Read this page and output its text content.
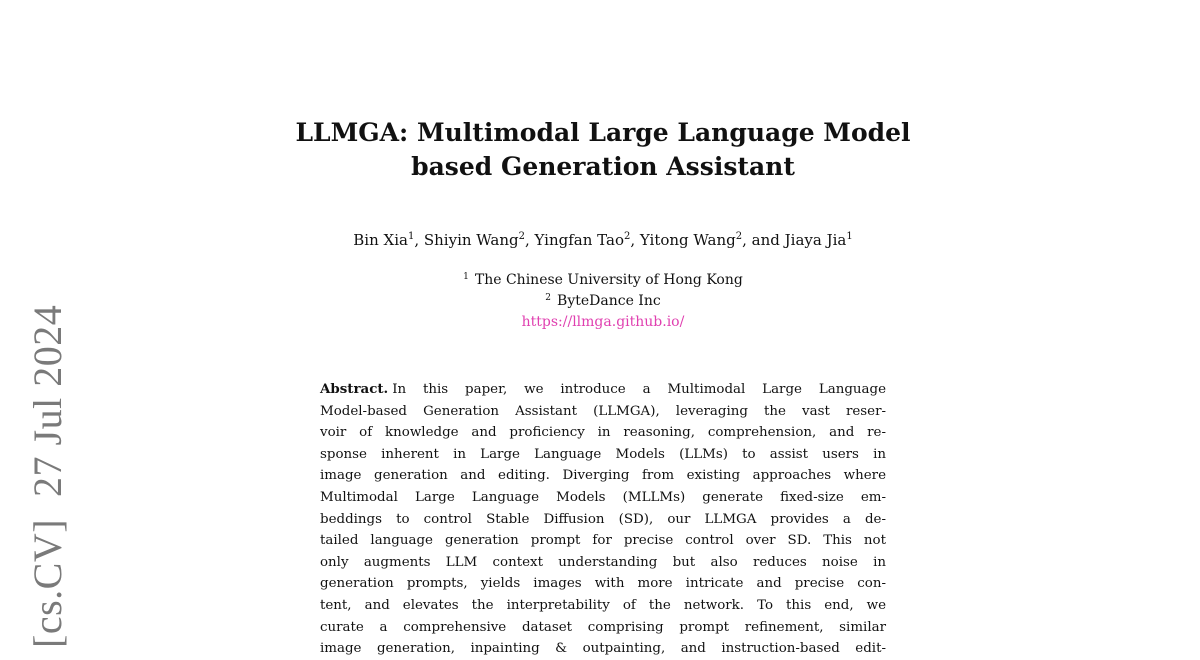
[cs.CV]27 Jul 2024
LLMGA: Multimodal Large Language Model
based Generation Assistant
Bin Xia$^1$, Shiyin Wang$^2$, Yingfan Tao$^2$, Yitong Wang$^2$, and Jiaya Jia$^1$
$^1$ The Chinese University of Hong Kong
$^2$ ByteDance Inc
https://llmga.github.io/
Abstract. In this paper, we introduce a Multimodal Large Language
Model-based Generation Assistant (LLMGA), leveraging the vast reser-
voir of knowledge and proficiency in reasoning, comprehension, and re-
sponse inherent in Large Language Models (LLMs) to assist users in
image generation and editing. Diverging from existing approaches where
Multimodal Large Language Models (MLLMs) generate fixed-size em-
beddings to control Stable Diffusion (SD), our LLMGA provides a de-
tailed language generation prompt for precise control over SD. This not
only augments LLM context understanding but also reduces noise in
generation prompts, yields images with more intricate and precise con-
tent, and elevates the interpretability of the network. To this end, we
curate a comprehensive dataset comprising prompt refinement, similar
image generation, inpainting & outpainting, and instruction-based edit-
